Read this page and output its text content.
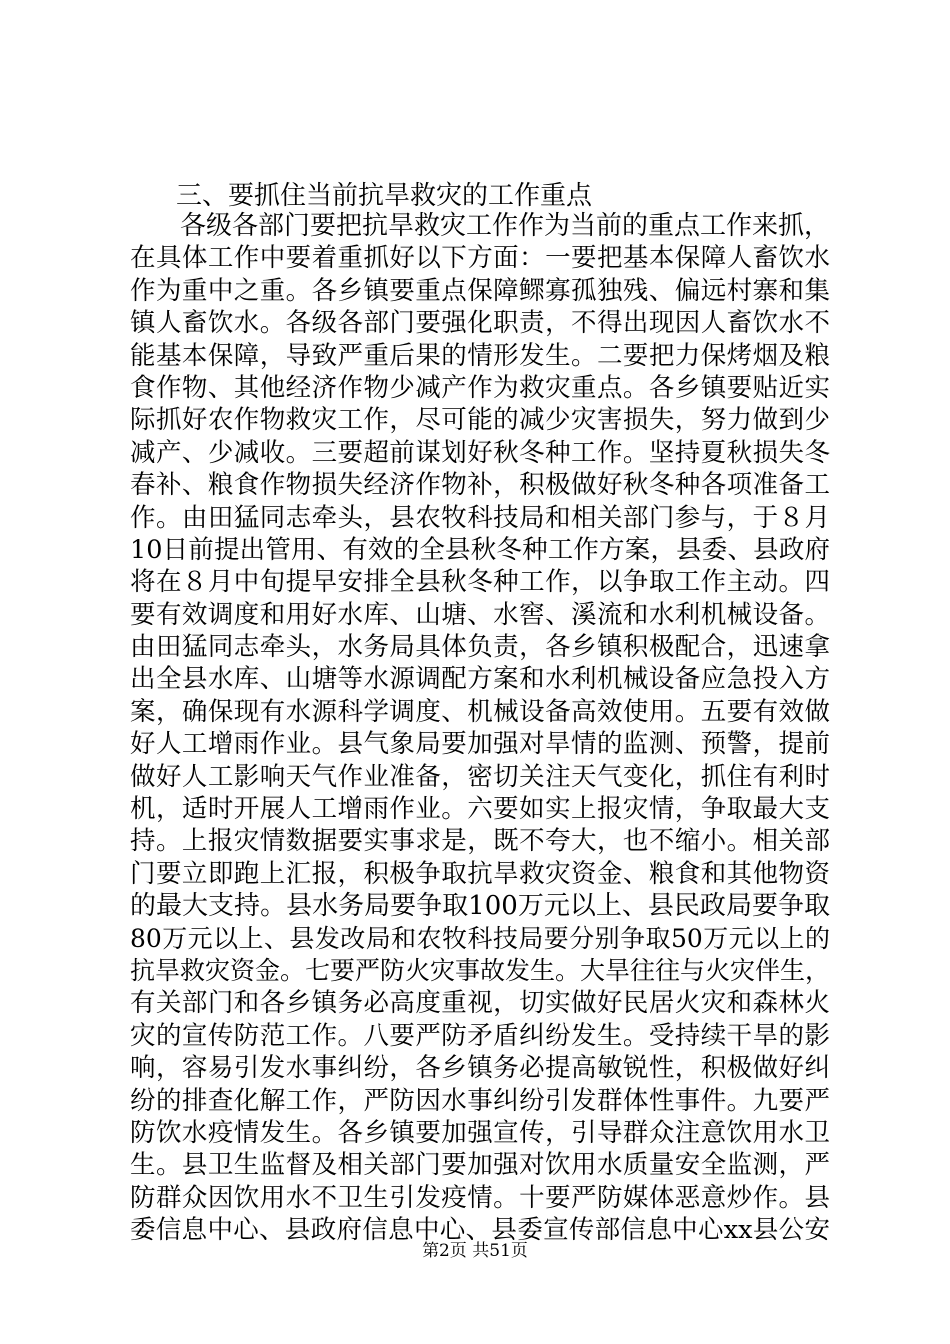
三、要抓住当前抗旱救灾的工作重点
各级各部门要把抗旱救灾工作作为当前的重点工作来抓，
在具体工作中要着重抓好以下方面：一要把基本保障人畜饮水
作为重中之重。各乡镇要重点保障鳏寡孤独残、偏远村寨和集
镇人畜饮水。各级各部门要强化职责，不得出现因人畜饮水不
能基本保障，导致严重后果的情形发生。二要把力保烤烟及粮
食作物、其他经济作物少减产作为救灾重点。各乡镇要贴近实
际抓好农作物救灾工作，尽可能的减少灾害损失，努力做到少
减产、少减收。三要超前谋划好秋冬种工作。坚持夏秋损失冬
春补、粮食作物损失经济作物补，积极做好秋冬种各项准备工
作。由田猛同志牵头，县农牧科技局和相关部门参与，于８月
10日前提出管用、有效的全县秋冬种工作方案，县委、县政府
将在８月中旬提早安排全县秋冬种工作，以争取工作主动。四
要有效调度和用好水库、山塘、水窖、溪流和水利机械设备。
由田猛同志牵头，水务局具体负责，各乡镇积极配合，迅速拿
出全县水库、山塘等水源调配方案和水利机械设备应急投入方
案，确保现有水源科学调度、机械设备高效使用。五要有效做
好人工增雨作业。县气象局要加强对旱情的监测、预警，提前
做好人工影响天气作业准备，密切关注天气变化，抓住有利时
机，适时开展人工增雨作业。六要如实上报灾情，争取最大支
持。上报灾情数据要实事求是，既不夸大，也不缩小。相关部
门要立即跑上汇报，积极争取抗旱救灾资金、粮食和其他物资
的最大支持。县水务局要争取100万元以上、县民政局要争取
80万元以上、县发改局和农牧科技局要分别争取50万元以上的
抗旱救灾资金。七要严防火灾事故发生。大旱往往与火灾伴生，
有关部门和各乡镇务必高度重视，切实做好民居火灾和森林火
灾的宣传防范工作。八要严防矛盾纠纷发生。受持续干旱的影
响，容易引发水事纠纷，各乡镇务必提高敏锐性，积极做好纠
纷的排查化解工作，严防因水事纠纷引发群体性事件。九要严
防饮水疫情发生。各乡镇要加强宣传，引导群众注意饮用水卫
生。县卫生监督及相关部门要加强对饮用水质量安全监测，严
防群众因饮用水不卫生引发疫情。十要严防媒体恶意炒作。县
委信息中心、县政府信息中心、县委宣传部信息中心xx县公安
第2页 共51页
